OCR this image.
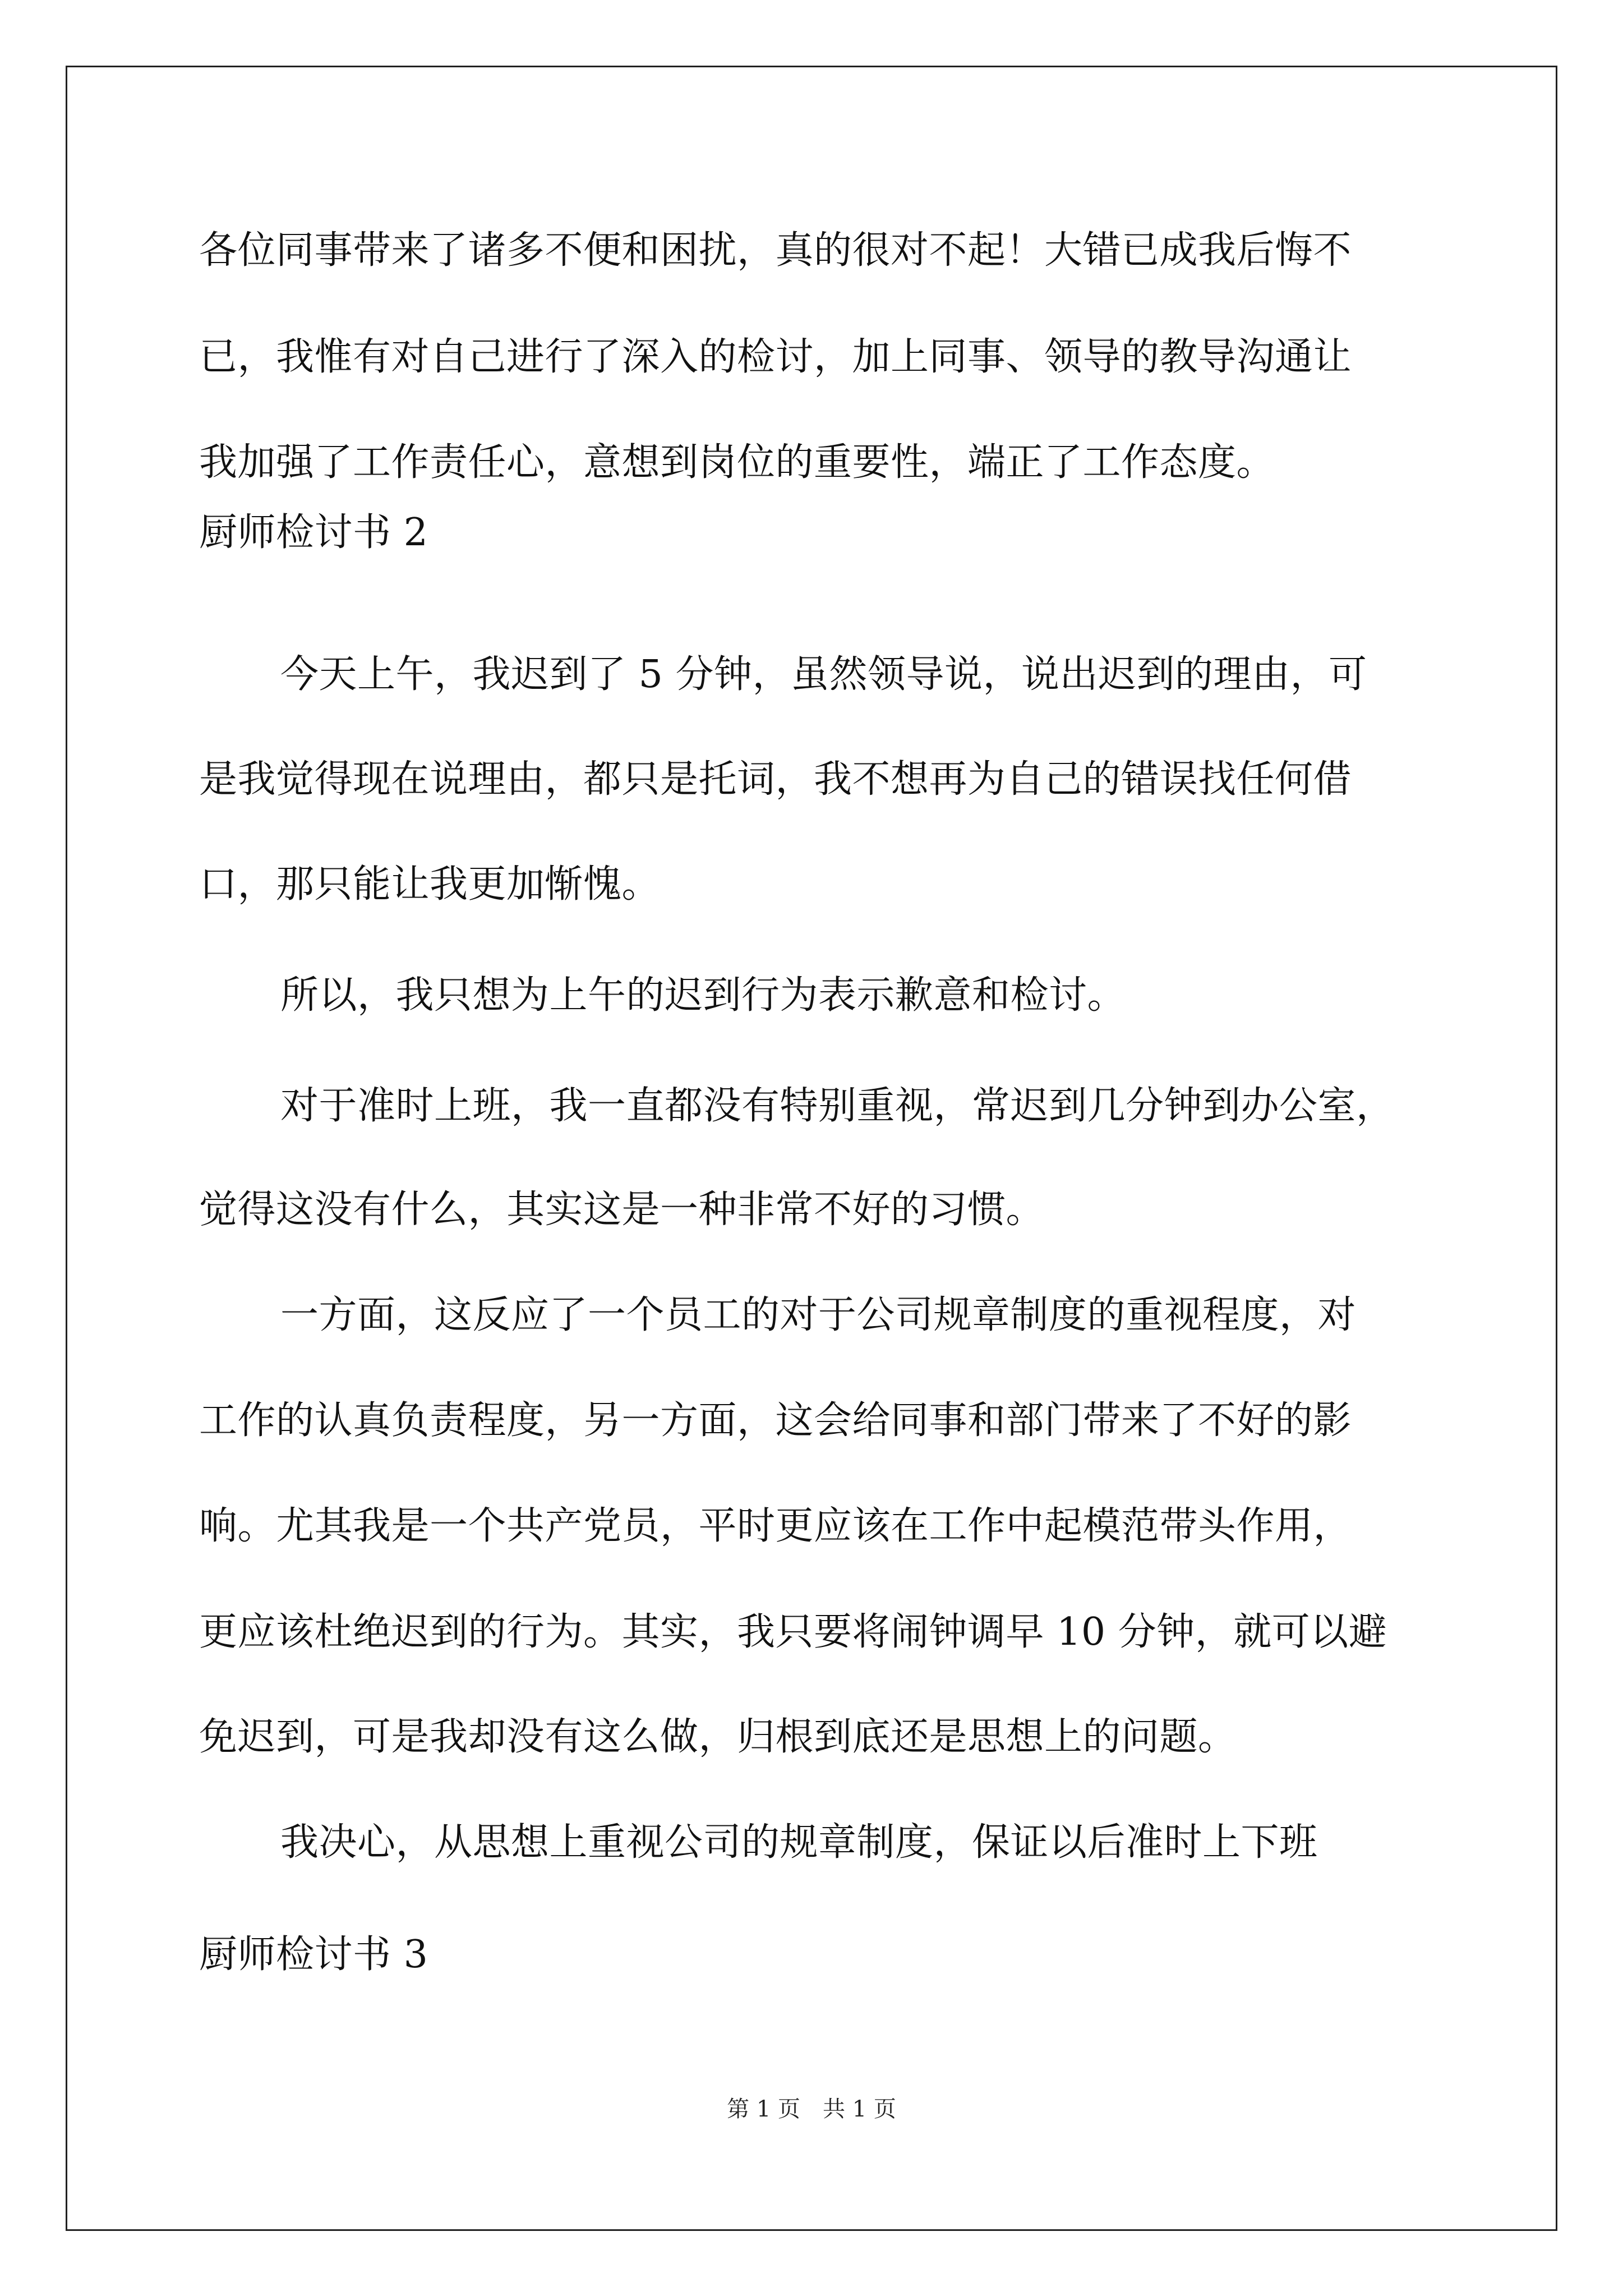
各位同事带来了诸多不便和困扰，真的很对不起！大错已成我后悔不
已，我惟有对自己进行了深入的检讨，加上同事、领导的教导沟通让
我加强了工作责任心，意想到岗位的重要性，端正了工作态度。
厨师检讨书 2
今天上午，我迟到了 5 分钟，虽然领导说，说出迟到的理由，可
是我觉得现在说理由，都只是托词，我不想再为自己的错误找任何借
口，那只能让我更加惭愧。
所以，我只想为上午的迟到行为表示歉意和检讨。
对于准时上班，我一直都没有特别重视，常迟到几分钟到办公室，
觉得这没有什么，其实这是一种非常不好的习惯。
一方面，这反应了一个员工的对于公司规章制度的重视程度，对
工作的认真负责程度，另一方面，这会给同事和部门带来了不好的影
响。尤其我是一个共产党员，平时更应该在工作中起模范带头作用，
更应该杜绝迟到的行为。其实，我只要将闹钟调早 10 分钟，就可以避
免迟到，可是我却没有这么做，归根到底还是思想上的问题。
我决心，从思想上重视公司的规章制度，保证以后准时上下班
厨师检讨书 3
第 1 页　共 1 页
